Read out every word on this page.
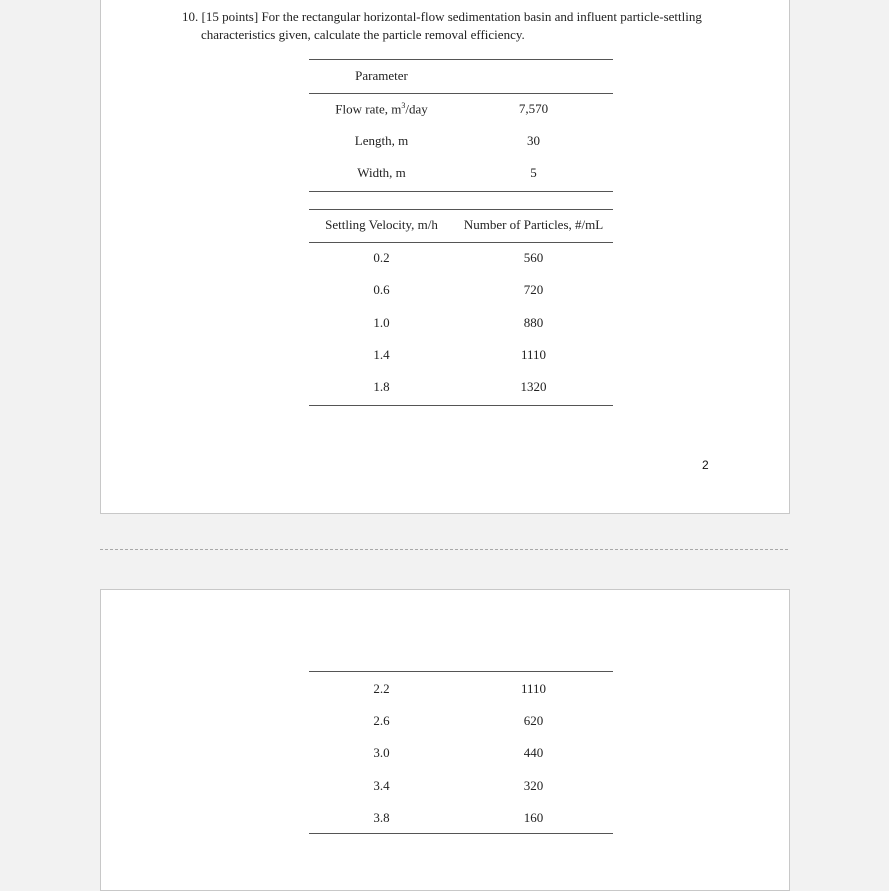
10. [15 points] For the rectangular horizontal-flow sedimentation basin and influent particle-settling characteristics given, calculate the particle removal efficiency.
Parameter
Flow rate, $m^3$/day	7,570
Length, m	30
Width, m	5
Settling Velocity, m/h	Number of Particles, #/mL
0.2	560
0.6	720
1.0	880
1.4	1110
1.8	1320
2
2.2	1110
2.6	620
3.0	440
3.4	320
3.8	160
